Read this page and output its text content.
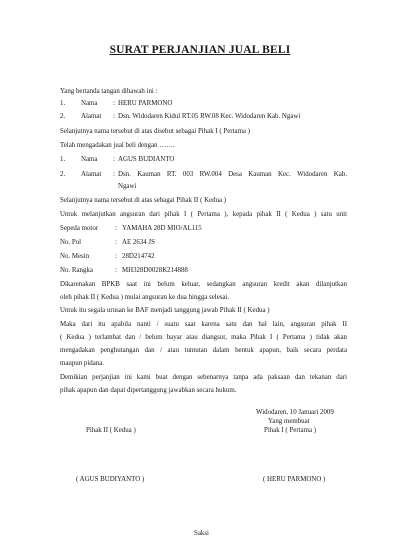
SURAT PERJANJIAN JUAL BELI
Yang bertanda tangan dibawah ini :
1. Nama : HERU PARMONO
2. Alamat : Dsn. Widodaren Kidul RT.05 RW.08 Kec. Widodaren Kab. Ngawi
Selanjutnya nama tersebut di atas disebut sebagai Pihak I ( Pertama )
Telah mengadakan jual beli dengan …….
1. Nama : AGUS BUDIANTO
2. Alamat : Dsn. Kauman RT. 003 RW.004 Desa Kauman Kec. Widodaren Kab.
Ngawi
Selanjutnya nama tersebut di atas sebagai Pihak II ( Kedua )
Untuk melanjutkan angsuran dari pihak I ( Pertama ), kepada pihak II ( Kedua ) satu unit
Sepeda motor : YAMAHA 28D MIO/AL115
No. Pol	: AE 2634 JS
No. Mesin	: 28D214742
No. Rangka	: MH328D0028K214888
Dikarenakan BPKB saat ini belum keluar, sedangkan angsuran kredit akan dilanjutkan
oleh pihak II ( Kedua ) mulai angsuran ke dua hingga selesai.
Untuk itu segala urusan ke BAF menjadi tanggung jawab Pihak II ( Kedua )
Maka dari itu apabila nanti / suatu saat karena satu dan hal lain, angsuran pihak II
( Kedua ) terlambat dan / belum bayar atau diangsur, maka Pihak I ( Pertama ) tidak akan
mengadakan penghutangan dan / atau tuntutan dalam bentuk apapun, baik secara perdata
maupun pidana.
Demikian perjanjian ini kami buat dengan sebenarnya tanpa ada paksaan dan tekanan dari
pihak apapun dan dapat dipertanggung jawabkan secara hukum.
Widodaren, 10 Januari 2009
Yang membuat
Pihak II ( Kedua )	Pihak I ( Pertama )
( AGUS BUDIYANTO )	( HERU PARMONO )
Saksi
